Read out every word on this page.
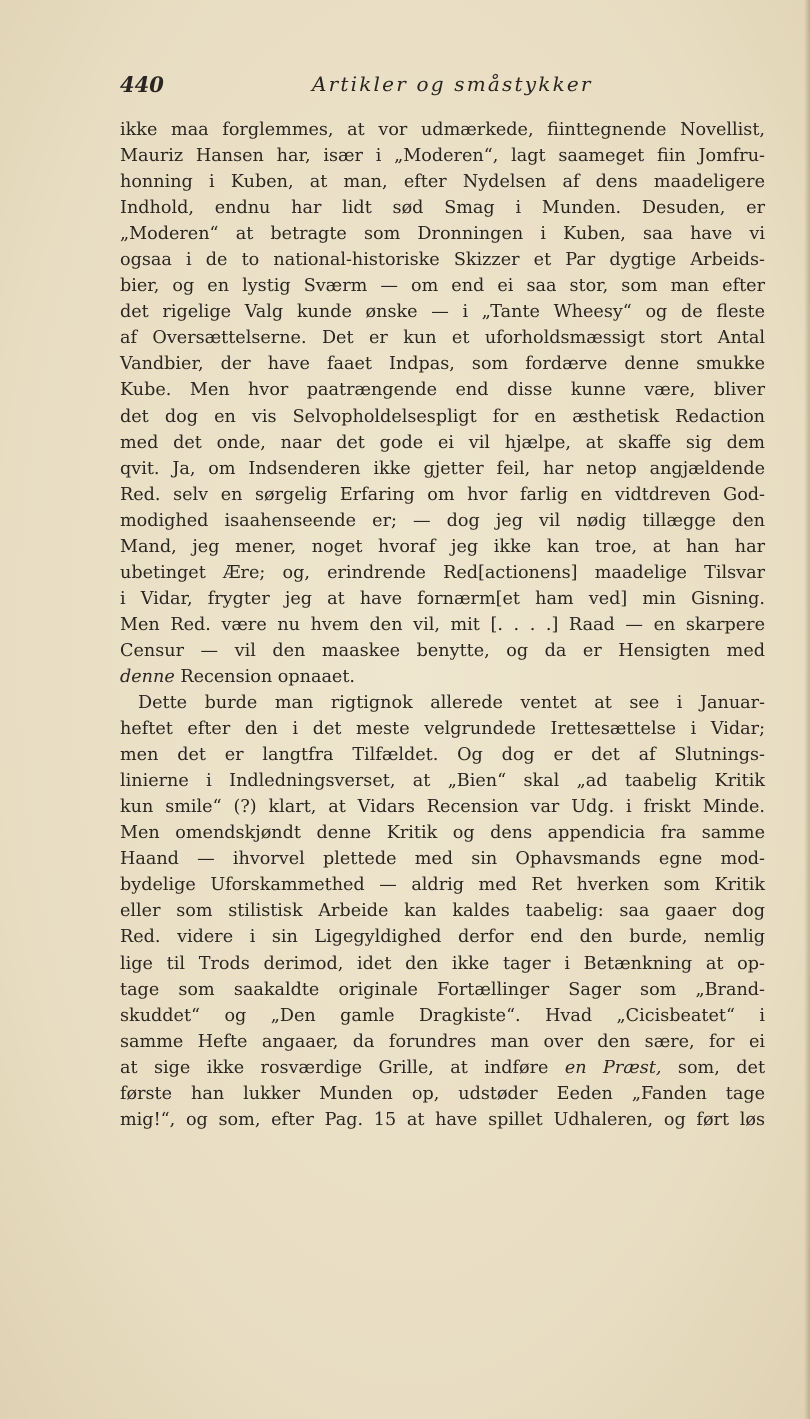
440	Artikler og småstykker
ikke maa forglemmes, at vor udmærkede, fiinttegnende Novellist,
Mauriz Hansen har, især i „Moderen“, lagt saameget fiin Jomfru-
honning i Kuben, at man, efter Nydelsen af dens maadeligere
Indhold, endnu har lidt sød Smag i Munden. Desuden, er
„Moderen“ at betragte som Dronningen i Kuben, saa have vi
ogsaa i de to national-historiske Skizzer et Par dygtige Arbeids-
bier, og en lystig Sværm — om end ei saa stor, som man efter
det rigelige Valg kunde ønske — i „Tante Wheesy“ og de fleste
af Oversættelserne. Det er kun et uforholdsmæssigt stort Antal
Vandbier, der have faaet Indpas, som fordærve denne smukke
Kube. Men hvor paatrængende end disse kunne være, bliver
det dog en vis Selvopholdelsespligt for en æsthetisk Redaction
med det onde, naar det gode ei vil hjælpe, at skaffe sig dem
qvit. Ja, om Indsenderen ikke gjetter feil, har netop angjældende
Red. selv en sørgelig Erfaring om hvor farlig en vidtdreven God-
modighed isaahenseende er; — dog jeg vil nødig tillægge den
Mand, jeg mener, noget hvoraf jeg ikke kan troe, at han har
ubetinget Ære; og, erindrende Red[actionens] maadelige Tilsvar
i Vidar, frygter jeg at have fornærm[et ham ved] min Gisning.
Men Red. være nu hvem den vil, mit [. . . .] Raad — en skarpere
Censur — vil den maaskee benytte, og da er Hensigten med
denne Recension opnaaet.
Dette burde man rigtignok allerede ventet at see i Januar-
heftet efter den i det meste velgrundede Irettesættelse i Vidar;
men det er langtfra Tilfældet. Og dog er det af Slutnings-
linierne i Indledningsverset, at „Bien“ skal „ad taabelig Kritik
kun smile“ (?) klart, at Vidars Recension var Udg. i friskt Minde.
Men omendskjøndt denne Kritik og dens appendicia fra samme
Haand — ihvorvel plettede med sin Ophavsmands egne mod-
bydelige Uforskammethed — aldrig med Ret hverken som Kritik
eller som stilistisk Arbeide kan kaldes taabelig: saa gaaer dog
Red. videre i sin Ligegyldighed derfor end den burde, nemlig
lige til Trods derimod, idet den ikke tager i Betænkning at op-
tage som saakaldte originale Fortællinger Sager som „Brand-
skuddet“ og „Den gamle Dragkiste“. Hvad „Cicisbeatet“ i
samme Hefte angaaer, da forundres man over den sære, for ei
at sige ikke rosværdige Grille, at indføre en Præst, som, det
første han lukker Munden op, udstøder Eeden „Fanden tage
mig!“, og som, efter Pag. 15 at have spillet Udhaleren, og ført løs
